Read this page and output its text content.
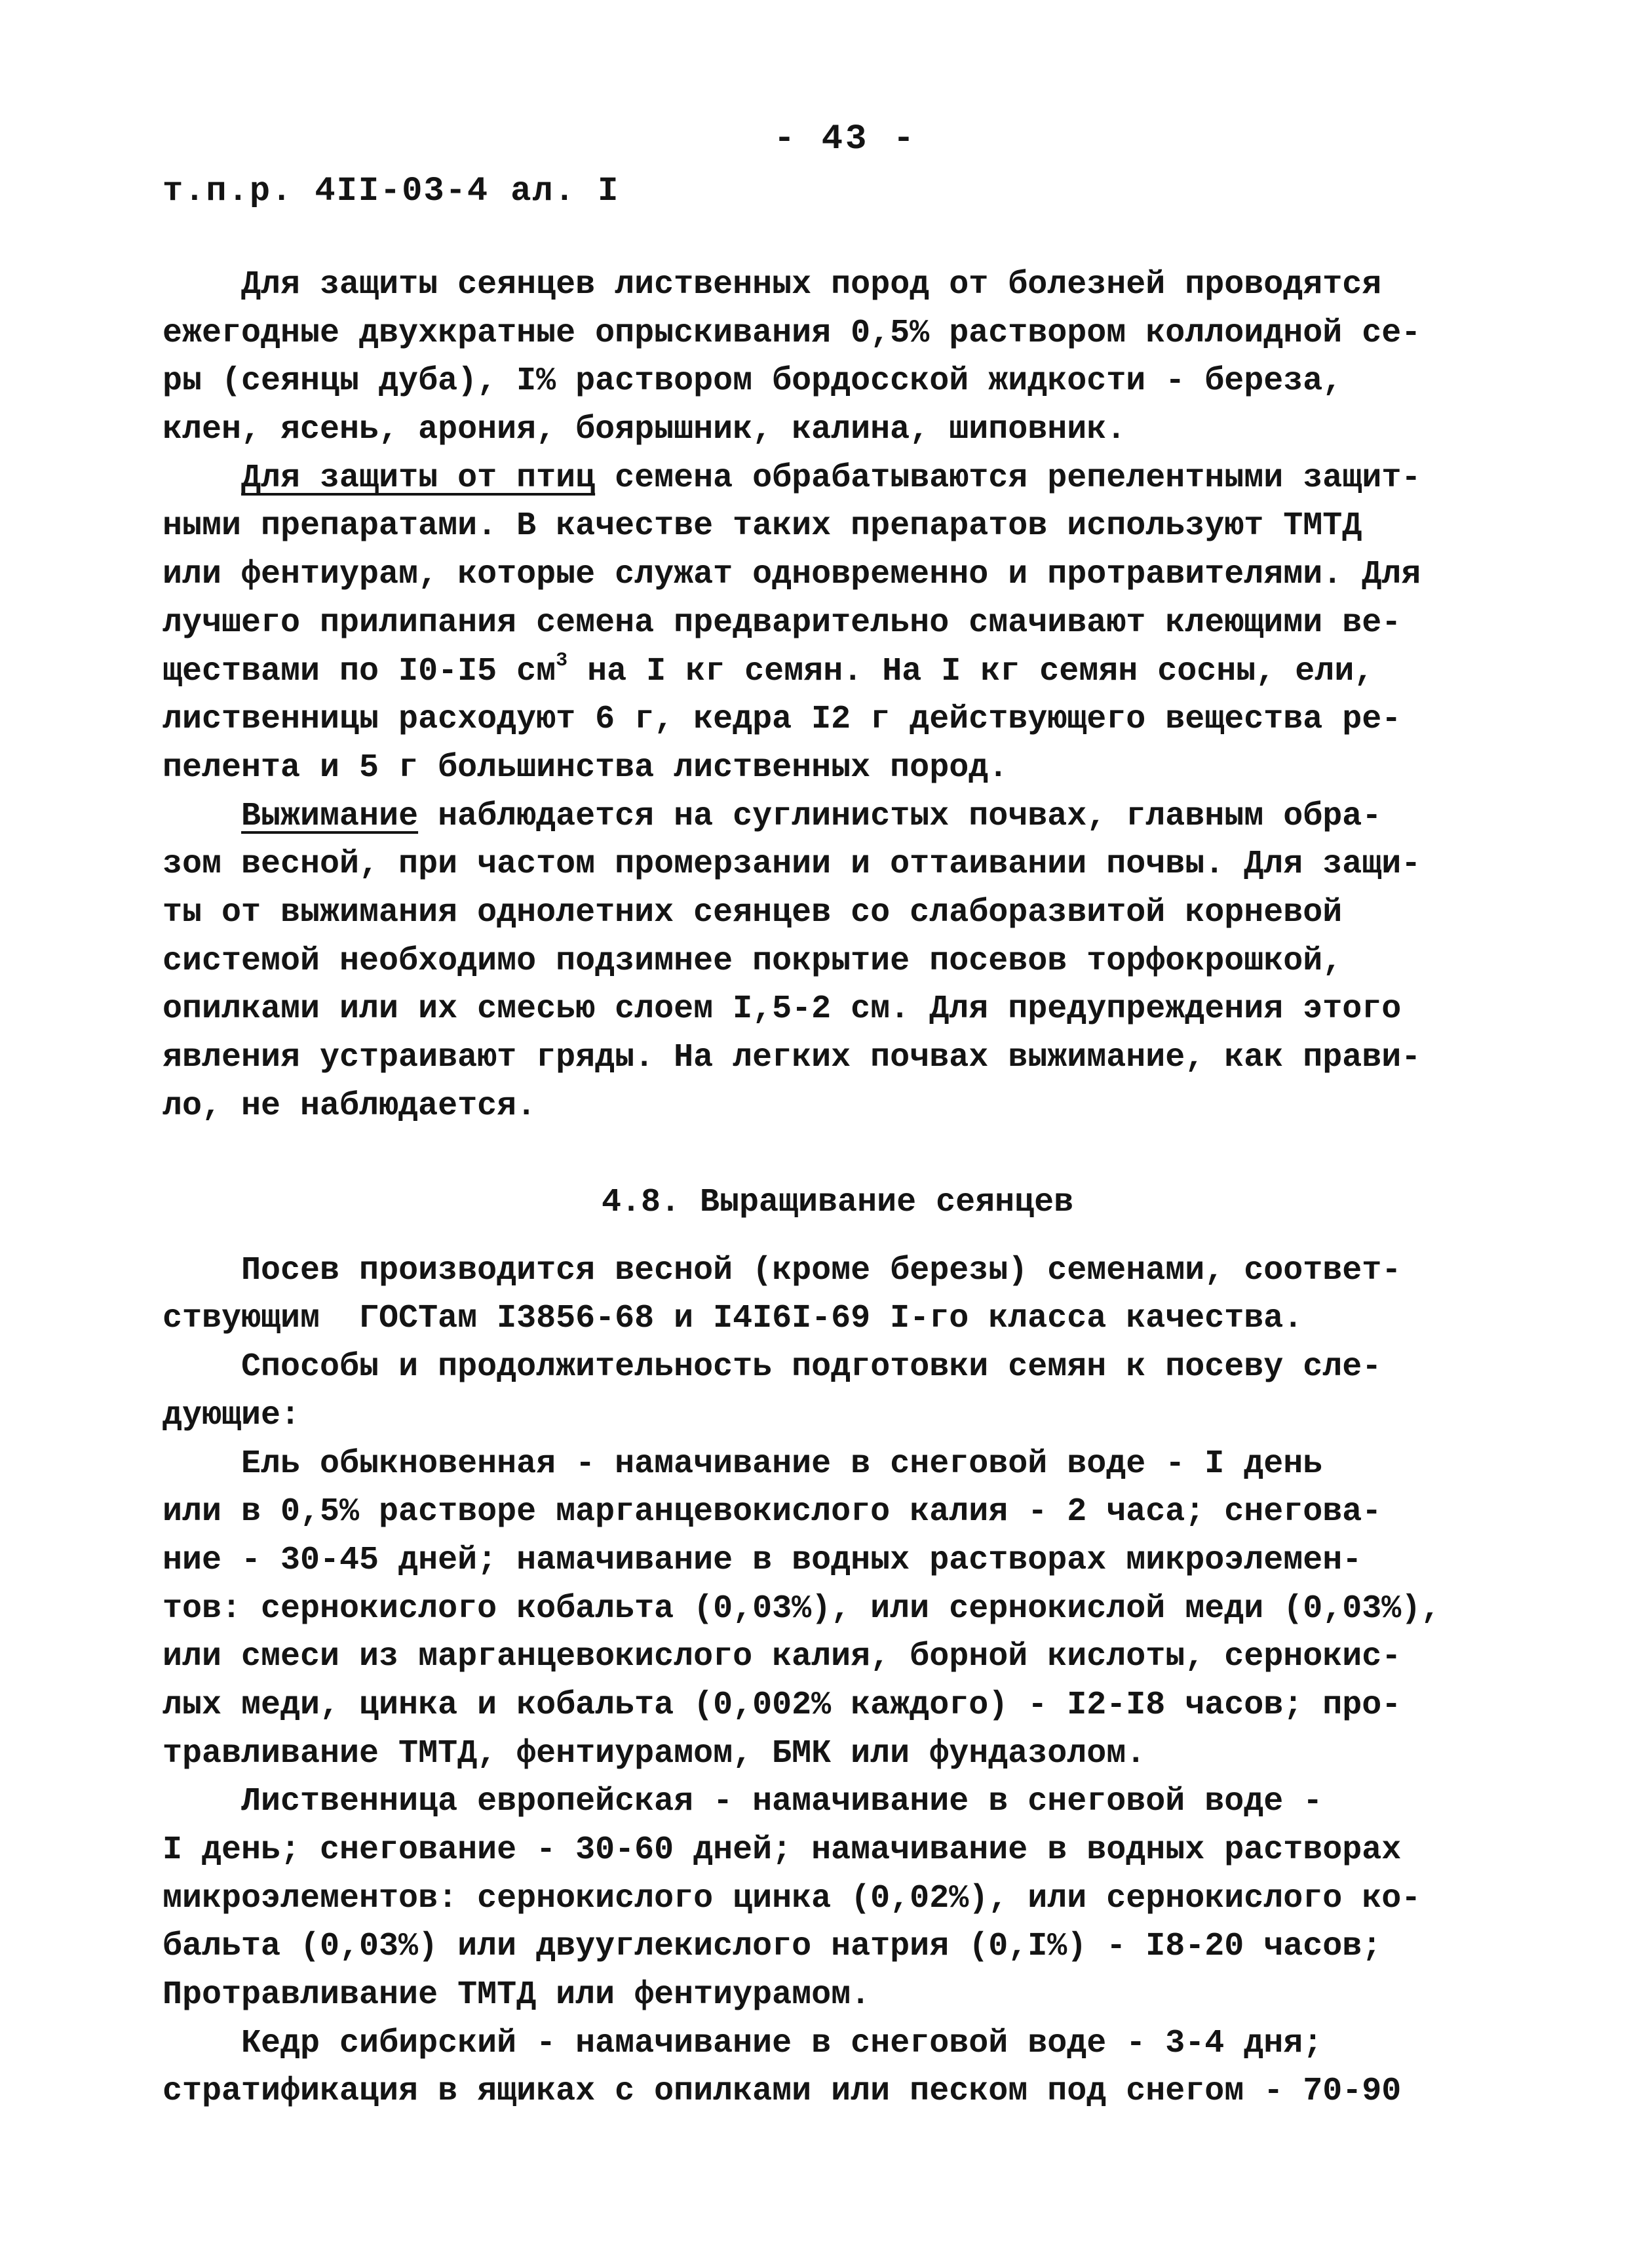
- 43 -
т.п.р. 4II-03-4 ал. I
Для защиты сеянцев лиственных пород от болезней проводятся
ежегодные двухкратные опрыскивания 0,5% раствором коллоидной се-
ры (сеянцы дуба), I% раствором бордосской жидкости - береза,
клен, ясень, арония, боярышник, калина, шиповник.
Для защиты от птиц семена обрабатываются репелентными защит-
ными препаратами. В качестве таких препаратов используют ТМТД
или фентиурам, которые служат одновременно и протравителями. Для
лучшего прилипания семена предварительно смачивают клеющими ве-
ществами по I0-I5 $см^3$ на I кг семян. На I кг семян сосны, ели,
лиственницы расходуют 6 г, кедра I2 г действующего вещества ре-
пелента и 5 г большинства лиственных пород.
Выжимание наблюдается на суглинистых почвах, главным обра-
зом весной, при частом промерзании и оттаивании почвы. Для защи-
ты от выжимания однолетних сеянцев со слаборазвитой корневой
системой необходимо подзимнее покрытие посевов торфокрошкой,
опилками или их смесью слоем I,5-2 см. Для предупреждения этого
явления устраивают гряды. На легких почвах выжимание, как прави-
ло, не наблюдается.
4.8. Выращивание сеянцев
Посев производится весной (кроме березы) семенами, соответ-
ствующим  ГОСТам I3856-68 и I4I6I-69 I-го класса качества.
Способы и продолжительность подготовки семян к посеву сле-
дующие:
Ель обыкновенная - намачивание в снеговой воде - I день
или в 0,5% растворе марганцевокислого калия - 2 часа; снегова-
ние - 30-45 дней; намачивание в водных растворах микроэлемен-
тов: сернокислого кобальта (0,03%), или сернокислой меди (0,03%),
или смеси из марганцевокислого калия, борной кислоты, сернокис-
лых меди, цинка и кобальта (0,002% каждого) - I2-I8 часов; про-
травливание ТМТД, фентиурамом, БМК или фундазолом.
Лиственница европейская - намачивание в снеговой воде -
I день; снегование - 30-60 дней; намачивание в водных растворах
микроэлементов: сернокислого цинка (0,02%), или сернокислого ко-
бальта (0,03%) или двууглекислого натрия (0,I%) - I8-20 часов;
Протравливание ТМТД или фентиурамом.
Кедр сибирский - намачивание в снеговой воде - 3-4 дня;
стратификация в ящиках с опилками или песком под снегом - 70-90
